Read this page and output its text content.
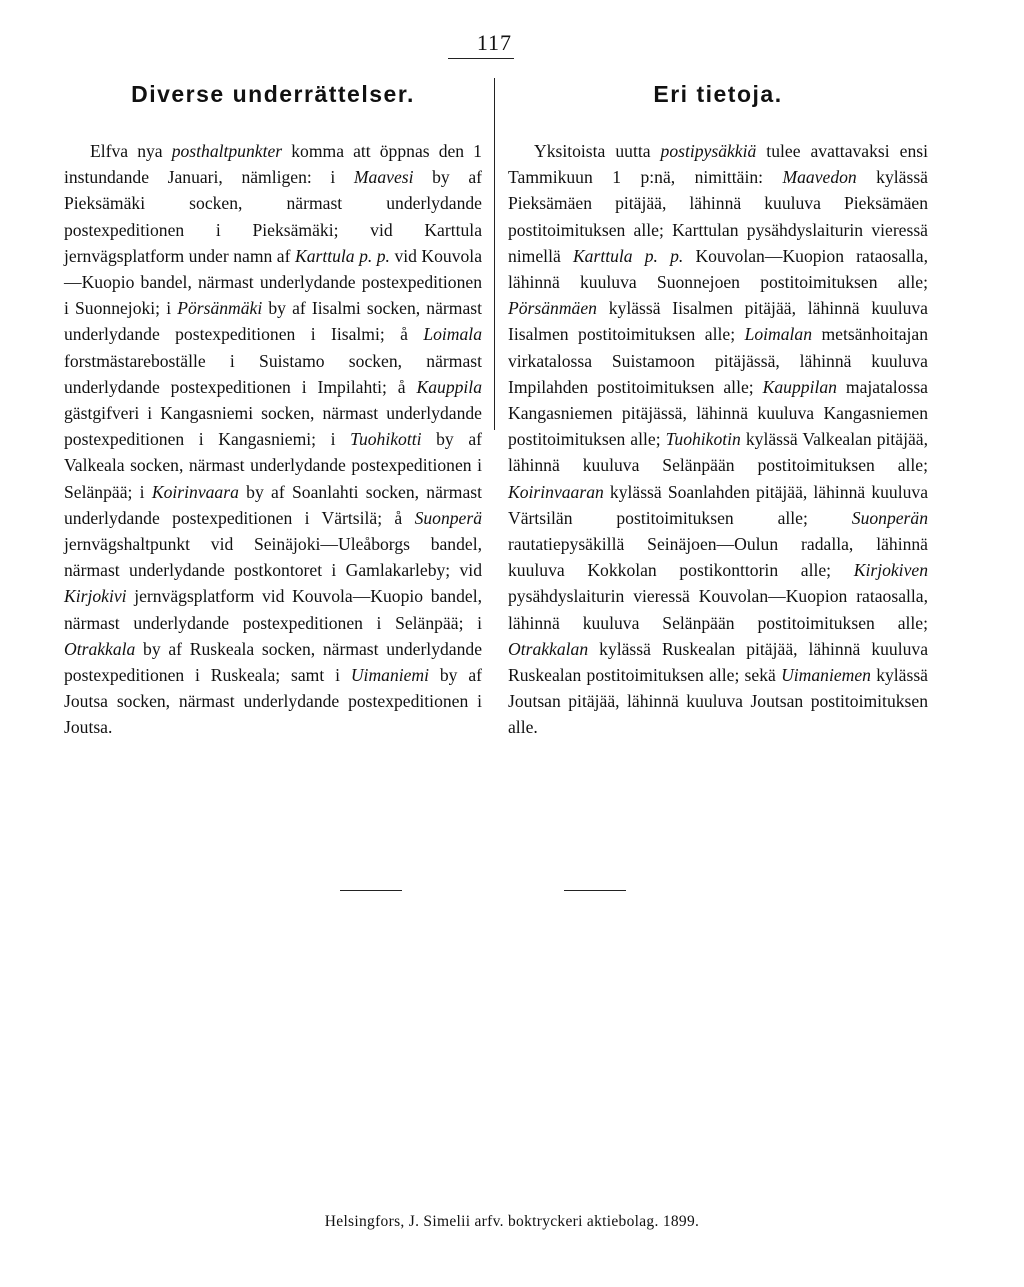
117
Diverse underrättelser.

Elfva nya posthaltpunkter komma att öppnas den 1 instundande Januari, nämligen: i Maavesi by af Pieksämäki socken, närmast underlydande postexpeditionen i Pieksämäki; vid Karttula jernvägsplatform under namn af Karttula p. p. vid Kouvola—Kuopio bandel, närmast underlydande postexpeditionen i Suonnejoki; i Pörsänmäki by af Iisalmi socken, närmast underlydande postexpeditionen i Iisalmi; å Loimala forstmästareboställe i Suistamo socken, närmast underlydande postexpeditionen i Impilahti; å Kauppila gästgifveri i Kangasniemi socken, närmast underlydande postexpeditionen i Kangasniemi; i Tuohikotti by af Valkeala socken, närmast underlydande postexpeditionen i Selänpää; i Koirinvaara by af Soanlahti socken, närmast underlydande postexpeditionen i Värtsilä; å Suonperä jernvägshaltpunkt vid Seinäjoki—Uleåborgs bandel, närmast underlydande postkontoret i Gamlakarleby; vid Kirjokivi jernvägsplatform vid Kouvola—Kuopio bandel, närmast underlydande postexpeditionen i Selänpää; i Otrakkala by af Ruskeala socken, närmast underlydande postexpeditionen i Ruskeala; samt i Uimaniemi by af Joutsa socken, närmast underlydande postexpeditionen i Joutsa.

Eri tietoja.

Yksitoista uutta postipysäkkiä tulee avattavaksi ensi Tammikuun 1 p:nä, nimittäin: Maavedon kylässä Pieksämäen pitäjää, lähinnä kuuluva Pieksämäen postitoimituksen alle; Karttulan pysähdyslaiturin vieressä nimellä Karttula p. p. Kouvolan—Kuopion rataosalla, lähinnä kuuluva Suonnejoen postitoimituksen alle; Pörsänmäen kylässä Iisalmen pitäjää, lähinnä kuuluva Iisalmen postitoimituksen alle; Loimalan metsänhoitajan virkatalossa Suistamoon pitäjässä, lähinnä kuuluva Impilahden postitoimituksen alle; Kauppilan majatalossa Kangasniemen pitäjässä, lähinnä kuuluva Kangasniemen postitoimituksen alle; Tuohikotin kylässä Valkealan pitäjää, lähinnä kuuluva Selänpään postitoimituksen alle; Koirinvaaran kylässä Soanlahden pitäjää, lähinnä kuuluva Värtsilän postitoimituksen alle; Suonperän rautatiepysäkillä Seinäjoen—Oulun radalla, lähinnä kuuluva Kokkolan postikonttorin alle; Kirjokiven pysähdyslaiturin vieressä Kouvolan—Kuopion rataosalla, lähinnä kuuluva Selänpään postitoimituksen alle; Otrakkalan kylässä Ruskealan pitäjää, lähinnä kuuluva Ruskealan postitoimituksen alle; sekä Uimaniemen kylässä Joutsan pitäjää, lähinnä kuuluva Joutsan postitoimituksen alle.

Helsingfors, J. Simelii arfv. boktryckeri aktiebolag. 1899.
